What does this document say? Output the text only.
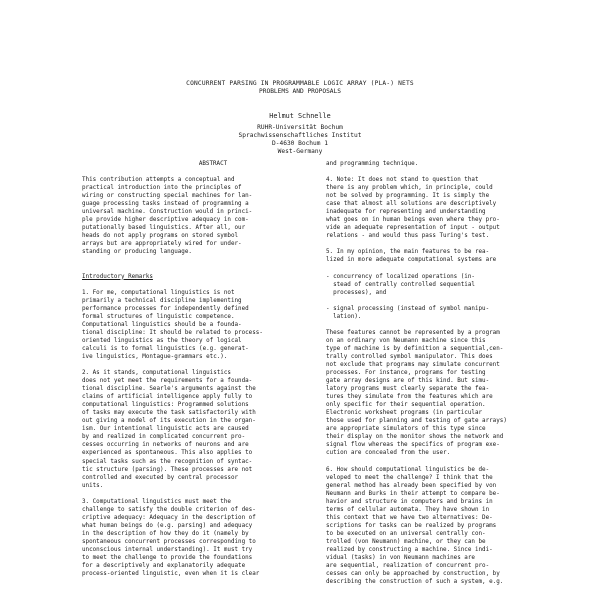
CONCURRENT PARSING IN PROGRAMMABLE LOGIC ARRAY (PLA-) NETS
PROBLEMS AND PROPOSALS
Helmut Schnelle
RUHR-Universität Bochum
Sprachwissenschaftliches Institut
D-4630 Bochum 1
West-Germany

ABSTRACT

This contribution attempts a conceptual and

practical introduction into the principles of

wiring or constructing special machines for lan-

guage processing tasks instead of programming a

universal machine. Construction would in princi-

ple provide higher descriptive adequacy in com-

putationally based linguistics. After all, our

heads do not apply programs on stored symbol

arrays but are appropriately wired for under-

standing or producing language.

Introductory Remarks

1. For me, computational linguistics is not

primarily a technical discipline implementing

performance processes for independently defined

formal structures of linguistic competence.

Computational linguistics should be a founda-

tional discipline: It should be related to process-

oriented linguistics as the theory of logical

calculi is to formal linguistics (e.g. generat-

ive linguistics, Montague-grammars etc.).

2. As it stands, computational linguistics

does not yet meet the requirements for a founda-

tional discipline. Searle's arguments against the

claims of artificial intelligence apply fully to

computational linguistics: Programmed solutions

of tasks may execute the task satisfactorily with

out giving a model of its execution in the organ-

ism. Our intentional linguistic acts are caused

by and realized in complicated concurrent pro-

cesses occurring in networks of neurons and are

experienced as spontaneous. This also applies to

special tasks such as the recognition of syntac-

tic structure (parsing). These processes are not

controlled and executed by central processor

units.

3. Computational linguistics must meet the

challenge to satisfy the double criterion of des-

criptive adequacy: Adequacy in the description of

what human beings do (e.g. parsing) and adequacy

in the description of how they do it (namely by

spontaneous concurrent processes corresponding to

unconscious internal understanding). It must try

to meet the challenge to provide the foundations

for a descriptively and explanatorily adequate

process-oriented linguistic, even when it is clear

and programming technique.

4. Note: It does not stand to question that

there is any problem which, in principle, could

not be solved by programming. It is simply the

case that almost all solutions are descriptively

inadequate for representing and understanding

what goes on in human beings even where they pro-

vide an adequate representation of input - output

relations - and would thus pass Turing's test.

5. In my opinion, the main features to be rea-

lized in more adequate computational systems are

- concurrency of localized operations (in-

stead of centrally controlled sequential

processes), and

- signal processing (instead of symbol manipu-

lation).

These features cannot be represented by a program

on an ordinary von Neumann machine since this

type of machine is by definition a sequential,cen-

trally controlled symbol manipulator. This does

not exclude that programs may simulate concurrent

processes. For instance, programs for testing

gate array designs are of this kind. But simu-

latory programs must clearly separate the fea-

tures they simulate from the features which are

only specific for their sequential operation.

Electronic worksheet programs (in particular

those used for planning and testing of gate arrays)

are appropriate simulators of this type since

their display on the monitor shows the network and

signal flow whereas the specifics of program exe-

cution are concealed from the user.

6. How should computational linguistics be de-

veloped to meet the challenge? I think that the

general method has already been specified by von

Neumann and Burks in their attempt to compare be-

havior and structure in computers and brains in

terms of cellular automata. They have shown in

this context that we have two alternatives: De-

scriptions for tasks can be realized by programs

to be executed on an universal centrally con-

trolled (von Neumann) machine, or they can be

realized by constructing a machine. Since indi-

vidual (tasks) in von Neumann machines are

are sequential, realization of concurrent pro-

cesses can only be approached by construction, by

describing the construction of such a system, e.g.
